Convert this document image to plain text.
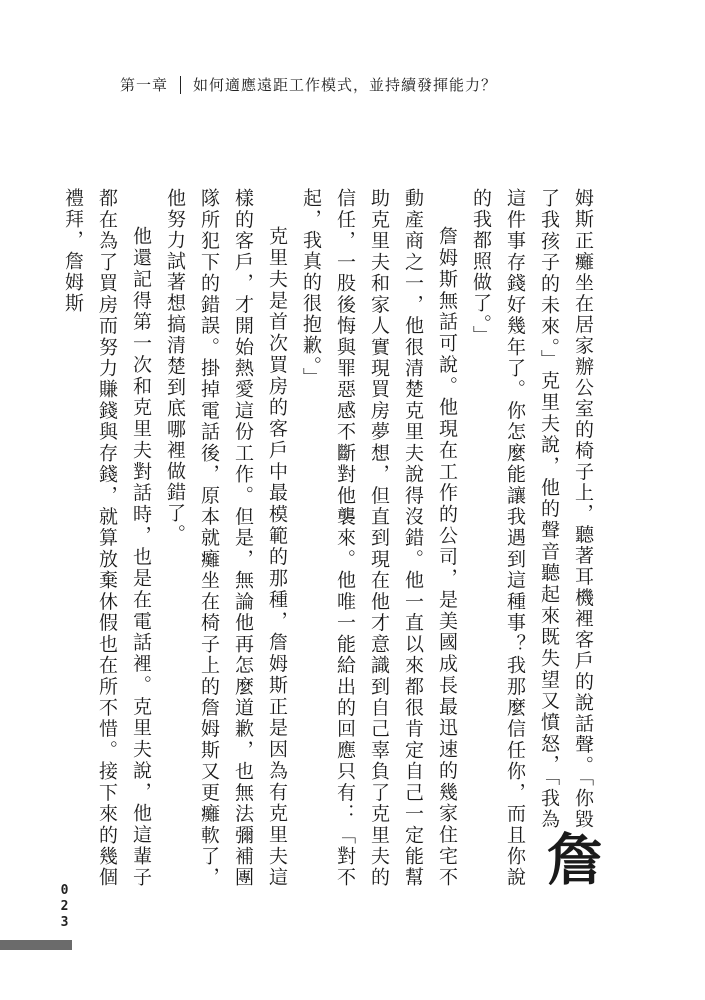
第一章 如何適應遠距工作模式，並持續發揮能力？

詹
姆斯正癱坐在居家辦公室的椅子上，聽著耳機裡客戶的說話聲。「你毀了我孩子的未來。」克里夫說，他的聲音聽起來既失望又憤怒，「我為這件事存錢好幾年了。你怎麼能讓我遇到這種事？我那麼信任你，而且你說的我都照做了。」

詹姆斯無話可說。他現在工作的公司，是美國成長最迅速的幾家住宅不動產商之一，他很清楚克里夫說得沒錯。他一直以來都很肯定自己一定能幫助克里夫和家人實現買房夢想，但直到現在他才意識到自己辜負了克里夫的信任，一股後悔與罪惡感不斷對他襲來。他唯一能給出的回應只有：「對不起，我真的很抱歉。」

克里夫是首次買房的客戶中最模範的那種，詹姆斯正是因為有克里夫這樣的客戶，才開始熱愛這份工作。但是，無論他再怎麼道歉，也無法彌補團隊所犯下的錯誤。掛掉電話後，原本就癱坐在椅子上的詹姆斯又更癱軟了，他努力試著想搞清楚到底哪裡做錯了。

他還記得第一次和克里夫對話時，也是在電話裡。克里夫說，他這輩子都在為了買房而努力賺錢與存錢，就算放棄休假也在所不惜。接下來的幾個禮拜，詹姆斯

023
